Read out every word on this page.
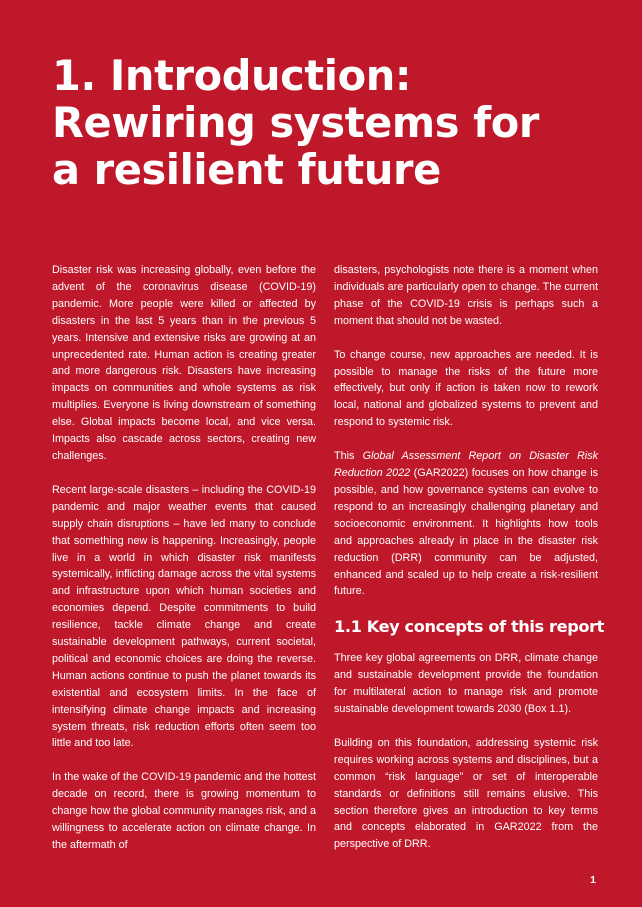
1. Introduction:
Rewiring systems for
a resilient future

Disaster risk was increasing globally, even before the advent of the coronavirus disease (COVID-19) pandemic. More people were killed or affected by disasters in the last 5 years than in the previous 5 years. Intensive and extensive risks are growing at an unprecedented rate. Human action is creating greater and more dangerous risk. Disasters have increasing impacts on communities and whole systems as risk multiplies. Everyone is living downstream of something else. Global impacts become local, and vice versa. Impacts also cascade across sectors, creating new challenges.

Recent large-scale disasters – including the COVID-19 pandemic and major weather events that caused supply chain disruptions – have led many to conclude that something new is happening. Increasingly, people live in a world in which disaster risk manifests systemically, inflicting damage across the vital systems and infrastructure upon which human societies and economies depend. Despite commitments to build resilience, tackle climate change and create sustainable development pathways, current societal, political and economic choices are doing the reverse. Human actions continue to push the planet towards its existential and ecosystem limits. In the face of intensifying climate change impacts and increasing system threats, risk reduction efforts often seem too little and too late.

In the wake of the COVID-19 pandemic and the hottest decade on record, there is growing momentum to change how the global community manages risk, and a willingness to accelerate action on climate change. In the aftermath of

disasters, psychologists note there is a moment when individuals are particularly open to change. The current phase of the COVID-19 crisis is perhaps such a moment that should not be wasted.

To change course, new approaches are needed. It is possible to manage the risks of the future more effectively, but only if action is taken now to rework local, national and globalized systems to prevent and respond to systemic risk.

This Global Assessment Report on Disaster Risk Reduction 2022 (GAR2022) focuses on how change is possible, and how governance systems can evolve to respond to an increasingly challenging planetary and socioeconomic environment. It highlights how tools and approaches already in place in the disaster risk reduction (DRR) community can be adjusted, enhanced and scaled up to help create a risk-resilient future.

1.1 Key concepts of this report

Three key global agreements on DRR, climate change and sustainable development provide the foundation for multilateral action to manage risk and promote sustainable development towards 2030 (Box 1.1).

Building on this foundation, addressing systemic risk requires working across systems and disciplines, but a common “risk language” or set of interoperable standards or definitions still remains elusive. This section therefore gives an introduction to key terms and concepts elaborated in GAR2022 from the perspective of DRR.

1
